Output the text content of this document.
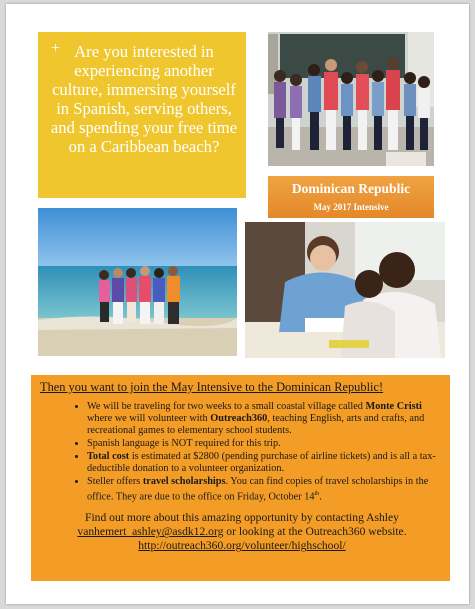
+ Are you interested in experiencing another culture, immersing yourself in Spanish, serving others, and spending your free time on a Caribbean beach?
Dominican Republic
May 2017 Intensive
Then you want to join the May Intensive to the Dominican Republic!
• We will be traveling for two weeks to a small coastal village called Monte Cristi where we will volunteer with Outreach360, teaching English, arts and crafts, and recreational games to elementary school students.
• Spanish language is NOT required for this trip.
• Total cost is estimated at $2800 (pending purchase of airline tickets) and is all a tax-deductible donation to a volunteer organization.
• Steller offers travel scholarships. You can find copies of travel scholarships in the office. They are due to the office on Friday, October 14th.
Find out more about this amazing opportunity by contacting Ashley
vanhemert_ashley@asdk12.org or looking at the Outreach360 website.
http://outreach360.org/volunteer/highschool/
